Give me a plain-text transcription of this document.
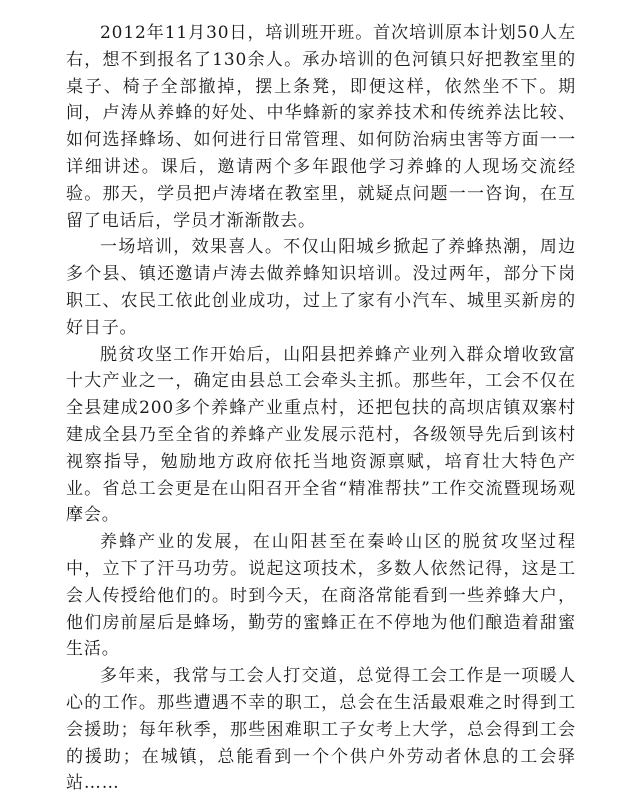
2012年11月30日，培训班开班。首次培训原本计划50人左右，想不到报名了130余人。承办培训的色河镇只好把教室里的桌子、椅子全部撤掉，摆上条凳，即便这样，依然坐不下。期间，卢涛从养蜂的好处、中华蜂新的家养技术和传统养法比较、如何选择蜂场、如何进行日常管理、如何防治病虫害等方面一一详细讲述。课后，邀请两个多年跟他学习养蜂的人现场交流经验。那天，学员把卢涛堵在教室里，就疑点问题一一咨询，在互留了电话后，学员才渐渐散去。

一场培训，效果喜人。不仅山阳城乡掀起了养蜂热潮，周边多个县、镇还邀请卢涛去做养蜂知识培训。没过两年，部分下岗职工、农民工依此创业成功，过上了家有小汽车、城里买新房的好日子。

脱贫攻坚工作开始后，山阳县把养蜂产业列入群众增收致富十大产业之一，确定由县总工会牵头主抓。那些年，工会不仅在全县建成200多个养蜂产业重点村，还把包扶的高坝店镇双寨村建成全县乃至全省的养蜂产业发展示范村，各级领导先后到该村视察指导，勉励地方政府依托当地资源禀赋，培育壮大特色产业。省总工会更是在山阳召开全省“精准帮扶”工作交流暨现场观摩会。

养蜂产业的发展，在山阳甚至在秦岭山区的脱贫攻坚过程中，立下了汗马功劳。说起这项技术，多数人依然记得，这是工会人传授给他们的。时到今天，在商洛常能看到一些养蜂大户，他们房前屋后是蜂场，勤劳的蜜蜂正在不停地为他们酿造着甜蜜生活。

多年来，我常与工会人打交道，总觉得工会工作是一项暖人心的工作。那些遭遇不幸的职工，总会在生活最艰难之时得到工会援助；每年秋季，那些困难职工子女考上大学，总会得到工会的援助；在城镇，总能看到一个个供户外劳动者休息的工会驿站……
